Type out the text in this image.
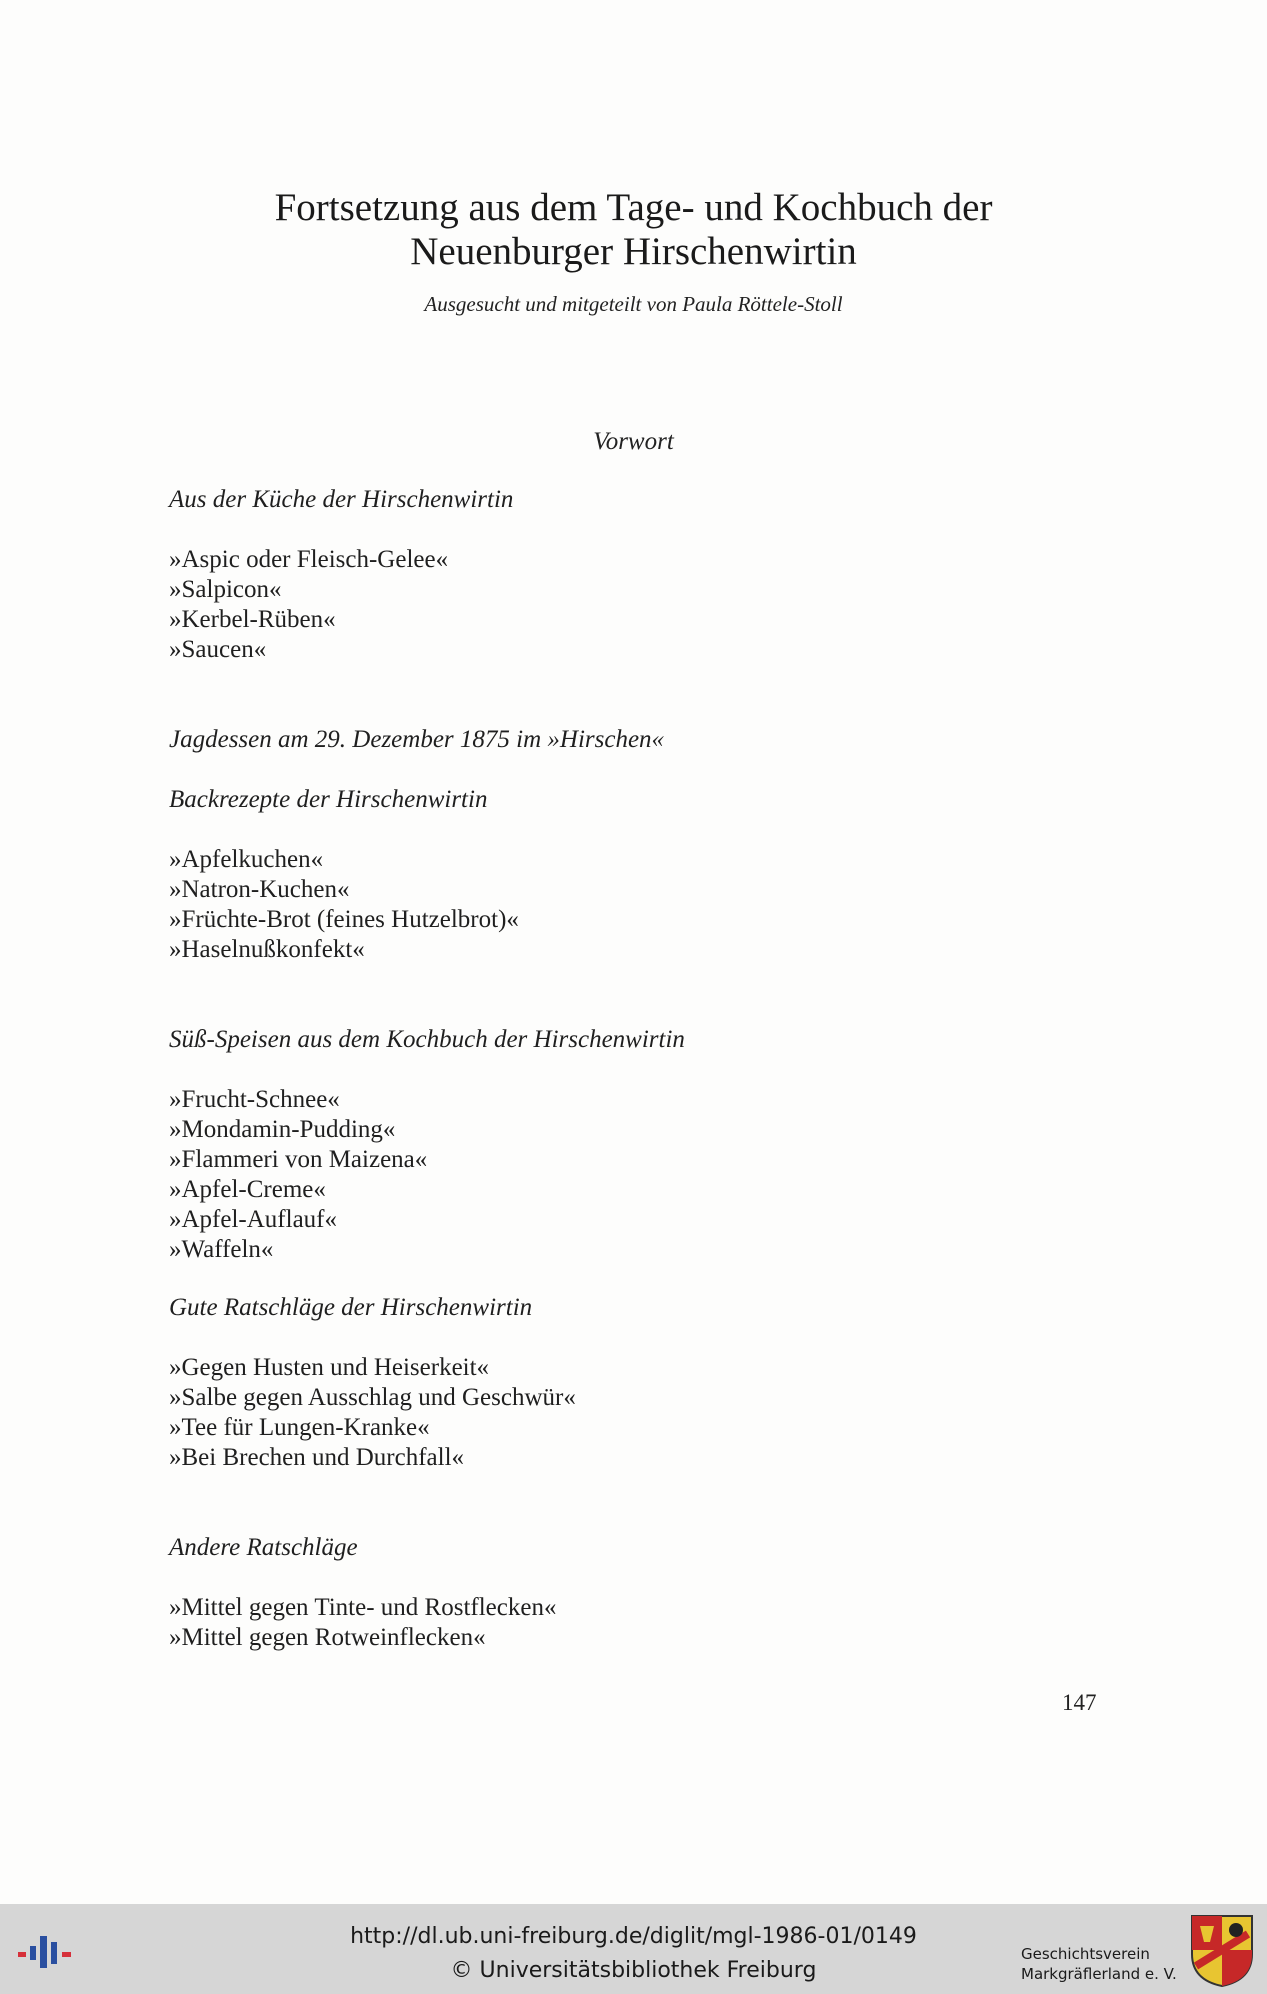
Fortsetzung aus dem Tage- und Kochbuch der
Neuenburger Hirschenwirtin
Ausgesucht und mitgeteilt von Paula Röttele-Stoll
Vorwort
Aus der Küche der Hirschenwirtin
»Aspic oder Fleisch-Gelee«
»Salpicon«
»Kerbel-Rüben«
»Saucen«
Jagdessen am 29. Dezember 1875 im »Hirschen«
Backrezepte der Hirschenwirtin
»Apfelkuchen«
»Natron-Kuchen«
»Früchte-Brot (feines Hutzelbrot)«
»Haselnußkonfekt«
Süß-Speisen aus dem Kochbuch der Hirschenwirtin
»Frucht-Schnee«
»Mondamin-Pudding«
»Flammeri von Maizena«
»Apfel-Creme«
»Apfel-Auflauf«
»Waffeln«
Gute Ratschläge der Hirschenwirtin
»Gegen Husten und Heiserkeit«
»Salbe gegen Ausschlag und Geschwür«
»Tee für Lungen-Kranke«
»Bei Brechen und Durchfall«
Andere Ratschläge
»Mittel gegen Tinte- und Rostflecken«
»Mittel gegen Rotweinflecken«
147
http://dl.ub.uni-freiburg.de/diglit/mgl-1986-01/0149
© Universitätsbibliothek Freiburg
Geschichtsverein
Markgräflerland e. V.
